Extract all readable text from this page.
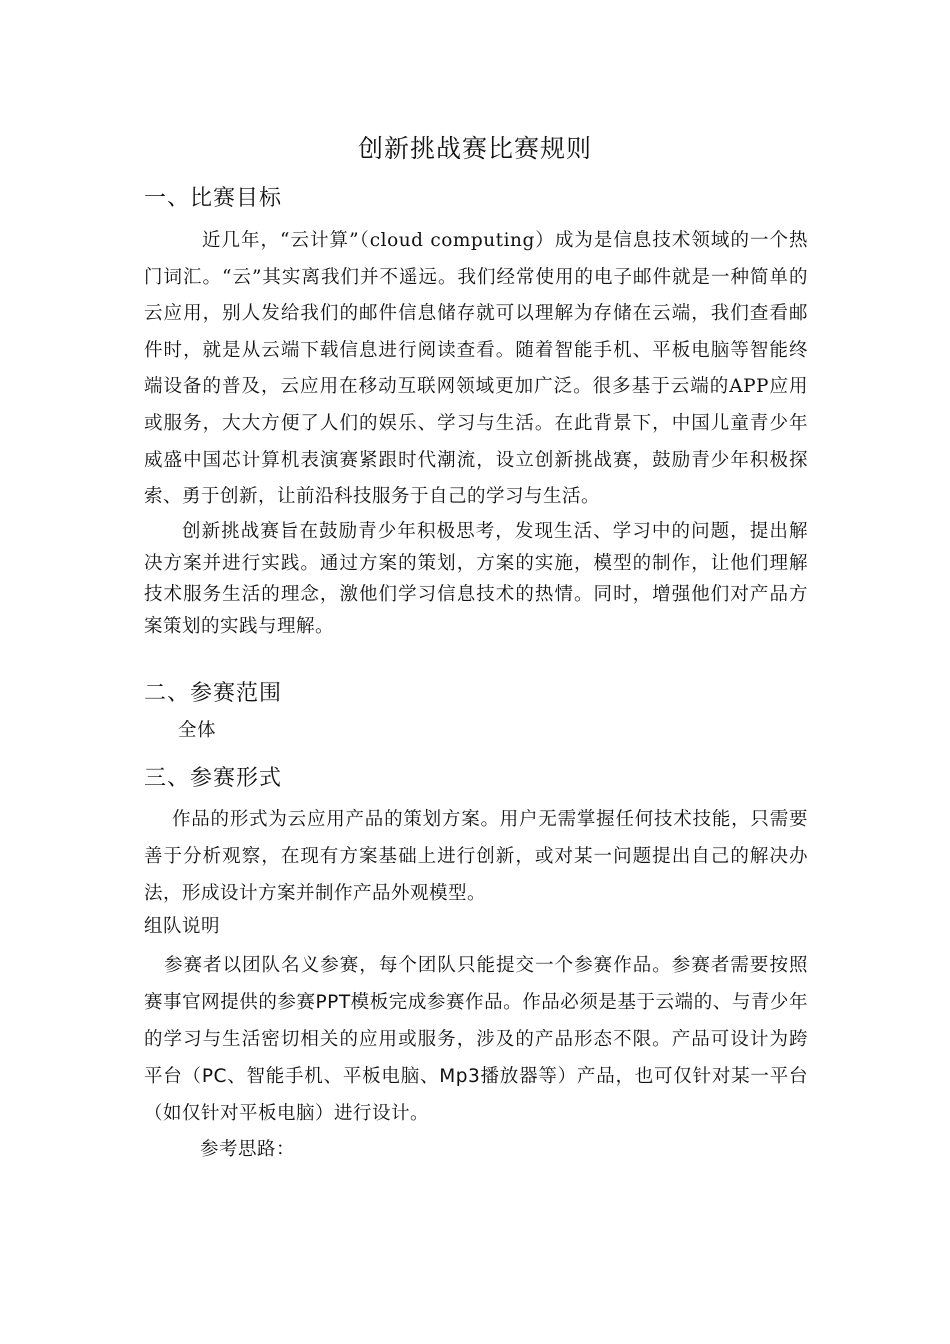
创新挑战赛比赛规则
一、比赛目标

近几年，“云计算”（cloud computing）成为是信息技术领域的一个热门词汇。“云”其实离我们并不遥远。我们经常使用的电子邮件就是一种简单的云应用，别人发给我们的邮件信息储存就可以理解为存储在云端，我们查看邮件时，就是从云端下载信息进行阅读查看。随着智能手机、平板电脑等智能终端设备的普及，云应用在移动互联网领域更加广泛。很多基于云端的APP应用或服务，大大方便了人们的娱乐、学习与生活。在此背景下，中国儿童青少年威盛中国芯计算机表演赛紧跟时代潮流，设立创新挑战赛，鼓励青少年积极探索、勇于创新，让前沿科技服务于自己的学习与生活。

创新挑战赛旨在鼓励青少年积极思考，发现生活、学习中的问题，提出解决方案并进行实践。通过方案的策划，方案的实施，模型的制作，让他们理解技术服务生活的理念，激他们学习信息技术的热情。同时，增强他们对产品方案策划的实践与理解。

二、参赛范围

全体

三、参赛形式

作品的形式为云应用产品的策划方案。用户无需掌握任何技术技能，只需要善于分析观察，在现有方案基础上进行创新，或对某一问题提出自己的解决办法，形成设计方案并制作产品外观模型。

组队说明

参赛者以团队名义参赛，每个团队只能提交一个参赛作品。参赛者需要按照赛事官网提供的参赛PPT模板完成参赛作品。作品必须是基于云端的、与青少年的学习与生活密切相关的应用或服务，涉及的产品形态不限。产品可设计为跨平台（PC、智能手机、平板电脑、Mp3播放器等）产品，也可仅针对某一平台（如仅针对平板电脑）进行设计。

参考思路：
